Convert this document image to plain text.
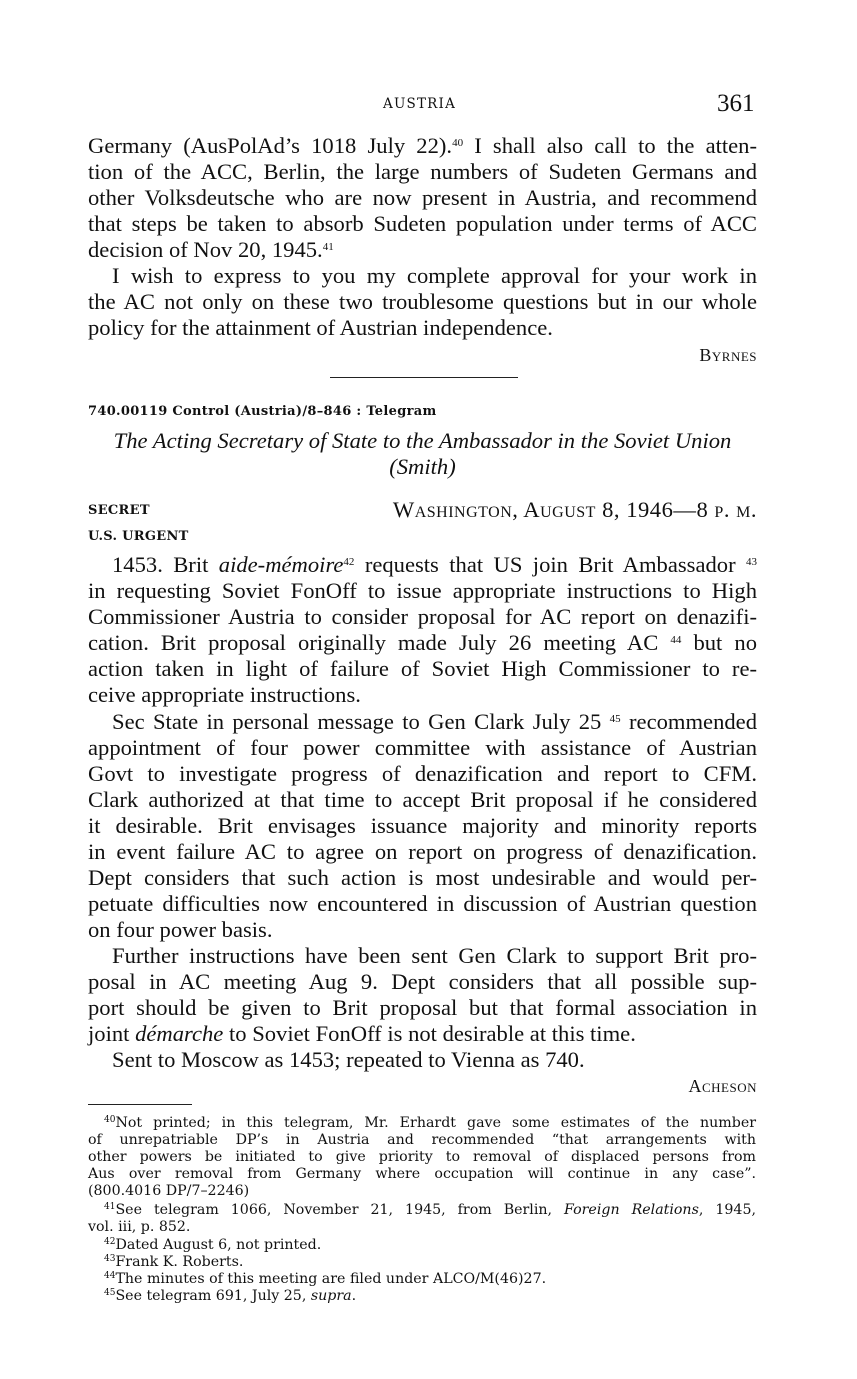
AUSTRIA	361
Germany (AusPolAd’s 1018 July 22).$^{40}$ I shall also call to the atten-
tion of the ACC, Berlin, the large numbers of Sudeten Germans and
other Volksdeutsche who are now present in Austria, and recommend
that steps be taken to absorb Sudeten population under terms of ACC
decision of Nov 20, 1945.41
I wish to express to you my complete approval for your work in
the AC not only on these two troublesome questions but in our whole
policy for the attainment of Austrian independence.
Byrnes
740.00119 Control (Austria)/8–846 : Telegram
The Acting Secretary of State to the Ambassador in the Soviet Union
(Smith)
SECRET	Washington, August 8, 1946—8 p. m.
U.S. URGENT
1453. Brit aide-mémoire$^{42}$ requests that US join Brit Ambassador $^{43}$
in requesting Soviet FonOff to issue appropriate instructions to High
Commissioner Austria to consider proposal for AC report on denazifi-
cation. Brit proposal originally made July 26 meeting AC $^{44}$ but no
action taken in light of failure of Soviet High Commissioner to re-
ceive appropriate instructions.
Sec State in personal message to Gen Clark July 25 $^{45}$ recommended
appointment of four power committee with assistance of Austrian
Govt to investigate progress of denazification and report to CFM.
Clark authorized at that time to accept Brit proposal if he considered
it desirable. Brit envisages issuance majority and minority reports
in event failure AC to agree on report on progress of denazification.
Dept considers that such action is most undesirable and would per-
petuate difficulties now encountered in discussion of Austrian question
on four power basis.
Further instructions have been sent Gen Clark to support Brit pro-
posal in AC meeting Aug 9. Dept considers that all possible sup-
port should be given to Brit proposal but that formal association in
joint démarche to Soviet FonOff is not desirable at this time.
Sent to Moscow as 1453; repeated to Vienna as 740.
Acheson
$^{40}$Not printed; in this telegram, Mr. Erhardt gave some estimates of the number
of unrepatriable DP’s in Austria and recommended “that arrangements with
other powers be initiated to give priority to removal of displaced persons from
Aus over removal from Germany where occupation will continue in any case”.
(800.4016 DP/7–2246)
$^{41}$See telegram 1066, November 21, 1945, from Berlin, Foreign Relations, 1945,
vol. iii, p. 852.
$^{42}$Dated August 6, not printed.
$^{43}$Frank K. Roberts.
$^{44}$The minutes of this meeting are filed under ALCO/M(46)27.
$^{45}$See telegram 691, July 25, supra.
